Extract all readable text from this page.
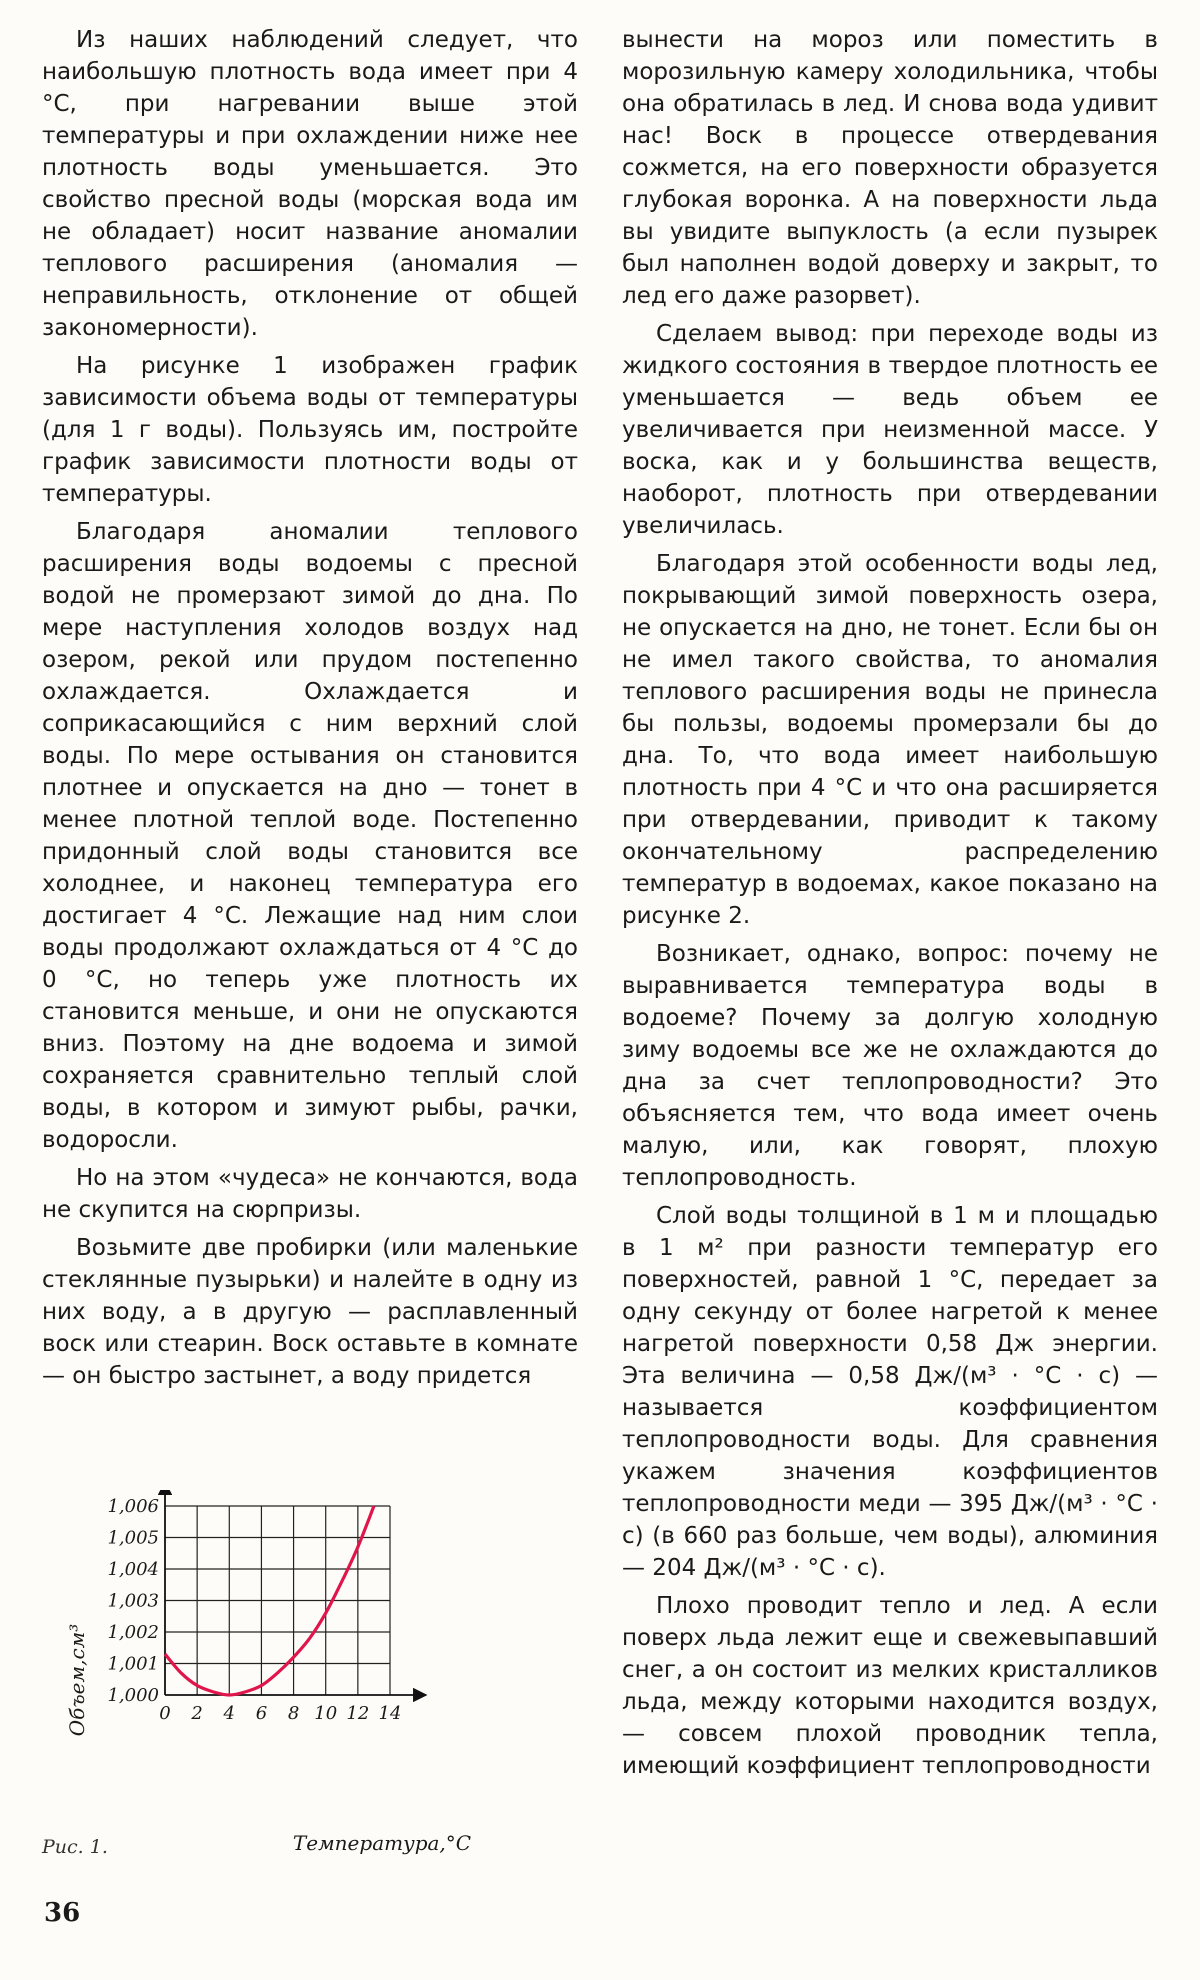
Из наших наблюдений следует, что наибольшую плотность вода имеет при 4 °С, при нагревании выше этой температуры и при охлаждении ниже нее плотность воды уменьшается. Это свойство пресной воды (морская вода им не обладает) носит название аномалии теплового расширения (аномалия — неправильность, отклонение от общей закономерности).

На рисунке 1 изображен график зависимости объема воды от температуры (для 1 г воды). Пользуясь им, постройте график зависимости плотности воды от температуры.

Благодаря аномалии теплового расширения воды водоемы с пресной водой не промерзают зимой до дна. По мере наступления холодов воздух над озером, рекой или прудом постепенно охлаждается. Охлаждается и соприкасающийся с ним верхний слой воды. По мере остывания он становится плотнее и опускается на дно — тонет в менее плотной теплой воде. Постепенно придонный слой воды становится все холоднее, и наконец температура его достигает 4 °С. Лежащие над ним слои воды продолжают охлаждаться от 4 °С до 0 °С, но теперь уже плотность их становится меньше, и они не опускаются вниз. Поэтому на дне водоема и зимой сохраняется сравнительно теплый слой воды, в котором и зимуют рыбы, рачки, водоросли.

Но на этом «чудеса» не кончаются, вода не скупится на сюрпризы.

Возьмите две пробирки (или маленькие стеклянные пузырьки) и налейте в одну из них воду, а в другую — расплавленный воск или стеарин. Воск оставьте в комнате — он быстро застынет, а воду придется

вынести на мороз или поместить в морозильную камеру холодильника, чтобы она обратилась в лед. И снова вода удивит нас! Воск в процессе отвердевания сожмется, на его поверхности образуется глубокая воронка. А на поверхности льда вы увидите выпуклость (а если пузырек был наполнен водой доверху и закрыт, то лед его даже разорвет).

Сделаем вывод: при переходе воды из жидкого состояния в твердое плотность ее уменьшается — ведь объем ее увеличивается при неизменной массе. У воска, как и у большинства веществ, наоборот, плотность при отвердевании увеличилась.

Благодаря этой особенности воды лед, покрывающий зимой поверхность озера, не опускается на дно, не тонет. Если бы он не имел такого свойства, то аномалия теплового расширения воды не принесла бы пользы, водоемы промерзали бы до дна. То, что вода имеет наибольшую плотность при 4 °С и что она расширяется при отвердевании, приводит к такому окончательному распределению температур в водоемах, какое показано на рисунке 2.

Возникает, однако, вопрос: почему не выравнивается температура воды в водоеме? Почему за долгую холодную зиму водоемы все же не охлаждаются до дна за счет теплопроводности? Это объясняется тем, что вода имеет очень малую, или, как говорят, плохую теплопроводность.

Слой воды толщиной в 1 м и площадью в 1 м² при разности температур его поверхностей, равной 1 °С, передает за одну секунду от более нагретой к менее нагретой поверхности 0,58 Дж энергии. Эта величина — 0,58 Дж/(м³ · °С · с) — называется коэффициентом теплопроводности воды. Для сравнения укажем значения коэффициентов теплопроводности меди — 395 Дж/(м³ · °С · с) (в 660 раз больше, чем воды), алюминия — 204 Дж/(м³ · °С · с).

Плохо проводит тепло и лед. А если поверх льда лежит еще и свежевыпавший снег, а он состоит из мелких кристалликов льда, между которыми находится воздух, — совсем плохой проводник тепла, имеющий коэффициент теплопроводности

0 2 4 6 8 10 12 14
1,000
1,001
1,002
1,003
1,004
1,005
1,006
Температура,°С
Объем,см³
Рис. 1.
36
